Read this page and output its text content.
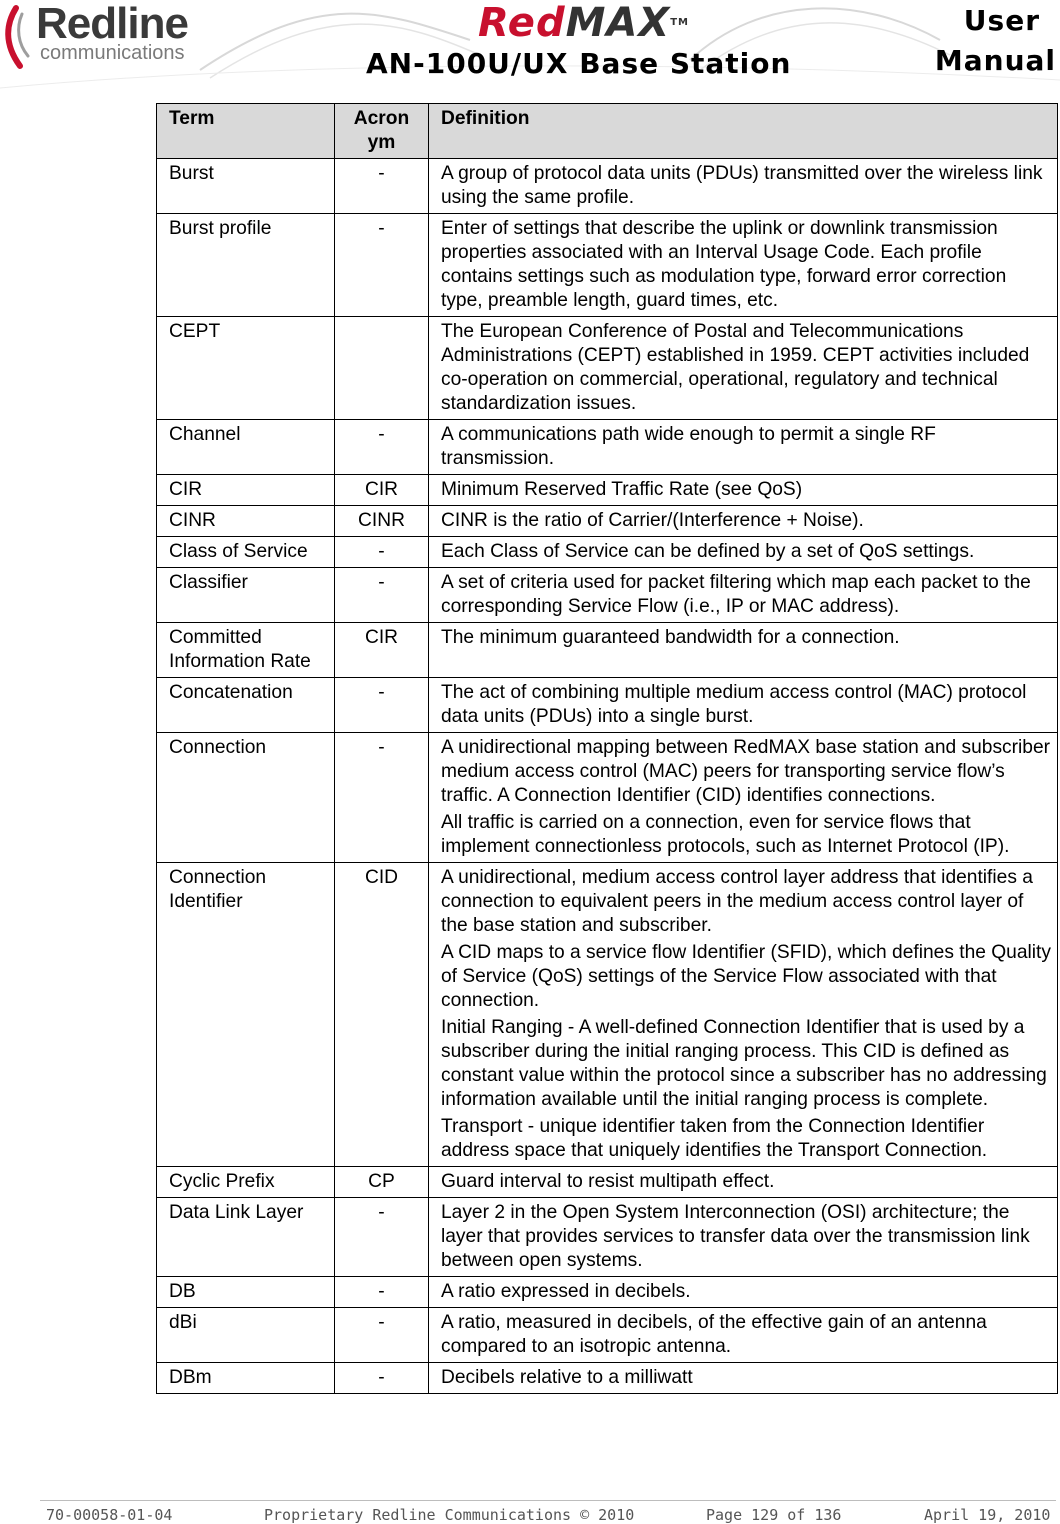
Redline
communications
RedMAX™
AN-100U/UX Base Station
User
Manual
Term	Acronym	Definition
Burst	-	A group of protocol data units (PDUs) transmitted over the wireless link using the same profile.

Burst profile	-	Enter of settings that describe the uplink or downlink transmission properties associated with an Interval Usage Code. Each profile contains settings such as modulation type, forward error correction type, preamble length, guard times, etc.

CEPT		The European Conference of Postal and Telecommunications Administrations (CEPT) established in 1959. CEPT activities included co-operation on commercial, operational, regulatory and technical standardization issues.

Channel	-	A communications path wide enough to permit a single RF transmission.

CIR	CIR	Minimum Reserved Traffic Rate (see QoS)

CINR	CINR	CINR is the ratio of Carrier/(Interference + Noise).

Class of Service	-	Each Class of Service can be defined by a set of QoS settings.

Classifier	-	A set of criteria used for packet filtering which map each packet to the corresponding Service Flow (i.e., IP or MAC address).

Committed Information Rate	CIR	The minimum guaranteed bandwidth for a connection.

Concatenation	-	The act of combining multiple medium access control (MAC) protocol data units (PDUs) into a single burst.

Connection	-	A unidirectional mapping between RedMAX base station and subscriber medium access control (MAC) peers for transporting service flow’s traffic. A Connection Identifier (CID) identifies connections.

All traffic is carried on a connection, even for service flows that implement connectionless protocols, such as Internet Protocol (IP).

Connection Identifier	CID	A unidirectional, medium access control layer address that identifies a connection to equivalent peers in the medium access control layer of the base station and subscriber.

A CID maps to a service flow Identifier (SFID), which defines the Quality of Service (QoS) settings of the Service Flow associated with that connection.

Initial Ranging - A well-defined Connection Identifier that is used by a subscriber during the initial ranging process. This CID is defined as constant value within the protocol since a subscriber has no addressing information available until the initial ranging process is complete.

Transport - unique identifier taken from the Connection Identifier address space that uniquely identifies the Transport Connection.

Cyclic Prefix	CP	Guard interval to resist multipath effect.

Data Link Layer	-	Layer 2 in the Open System Interconnection (OSI) architecture; the layer that provides services to transfer data over the transmission link between open systems.

DB	-	A ratio expressed in decibels.

dBi	-	A ratio, measured in decibels, of the effective gain of an antenna compared to an isotropic antenna.

DBm	-	Decibels relative to a milliwatt

70-00058-01-04	Proprietary Redline Communications © 2010	Page 129 of 136	April 19, 2010
